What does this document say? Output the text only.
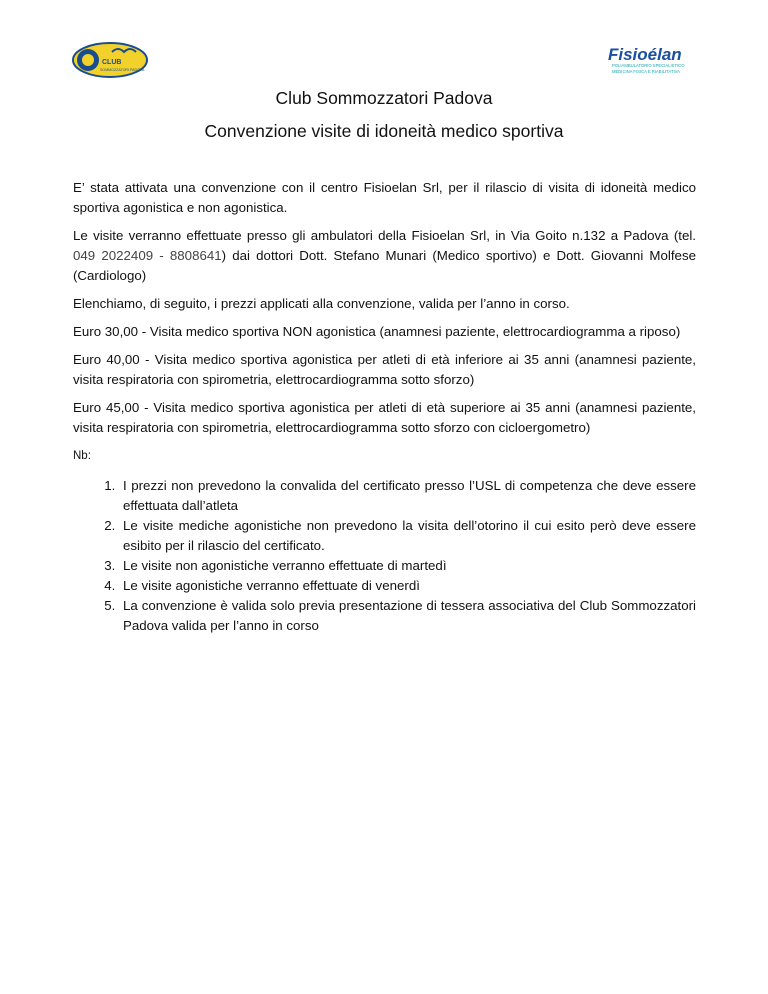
CLUB
SOMMOZZATORI PADOVA
Fisioélan
POLIAMBULATORIO SPECIALISTICO
MEDICINA FISICA E RIABILITATIVA
Club Sommozzatori Padova
Convenzione visite di idoneità medico sportiva

E’ stata attivata una convenzione con il centro Fisioelan Srl, per il rilascio di visita di idoneità medico sportiva agonistica e non agonistica.

Le visite verranno effettuate presso gli ambulatori della Fisioelan Srl, in Via Goito n.132 a Padova (tel. 049 2022409 - 8808641) dai dottori Dott. Stefano Munari (Medico sportivo) e Dott. Giovanni Molfese (Cardiologo)

Elenchiamo, di seguito, i prezzi applicati alla convenzione, valida per l’anno in corso.

Euro 30,00 - Visita medico sportiva NON agonistica (anamnesi paziente, elettrocardiogramma a riposo)

Euro 40,00 - Visita medico sportiva agonistica per atleti di età inferiore ai 35 anni (anamnesi paziente, visita respiratoria con spirometria, elettrocardiogramma sotto sforzo)

Euro 45,00 - Visita medico sportiva agonistica per atleti di età superiore ai 35 anni (anamnesi paziente, visita respiratoria con spirometria, elettrocardiogramma sotto sforzo con cicloergometro)

Nb:
1. I prezzi non prevedono la convalida del certificato presso l’USL di competenza che deve essere effettuata dall’atleta
2. Le visite mediche agonistiche non prevedono la visita dell’otorino il cui esito però deve essere esibito per il rilascio del certificato.
3. Le visite non agonistiche verranno effettuate di martedì
4. Le visite agonistiche verranno effettuate di venerdì
5. La convenzione è valida solo previa presentazione di tessera associativa del Club Sommozzatori Padova valida per l’anno in corso
